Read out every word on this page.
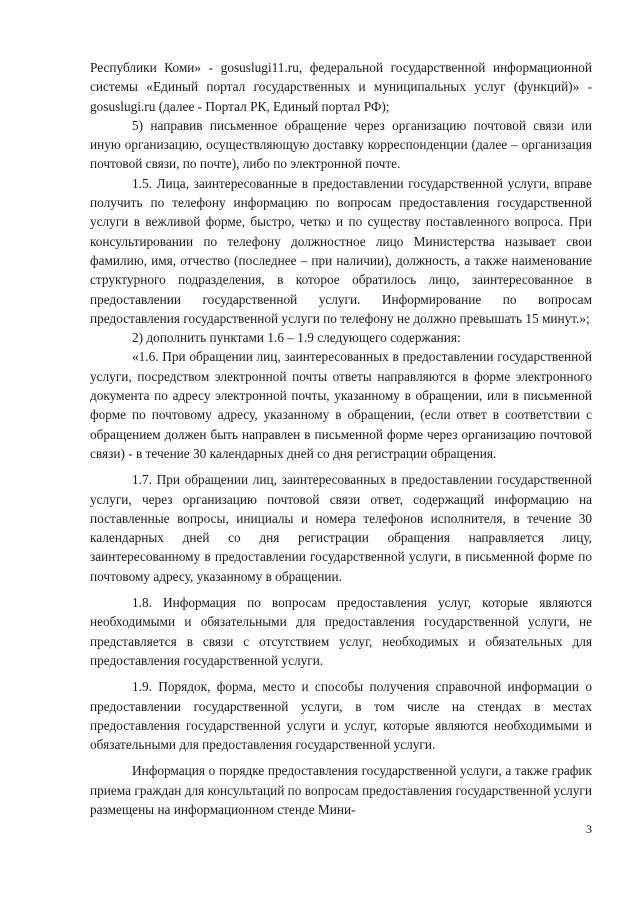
Республики Коми» - gosuslugi11.ru, федеральной государственной информационной системы «Единый портал государственных и муниципальных услуг (функций)» - gosuslugi.ru (далее - Портал РК, Единый портал РФ);

5) направив письменное обращение через организацию почтовой связи или иную организацию, осуществляющую доставку корреспонденции (далее – организация почтовой связи, по почте), либо по электронной почте.

1.5. Лица, заинтересованные в предоставлении государственной услуги, вправе получить по телефону информацию по вопросам предоставления государственной услуги в вежливой форме, быстро, четко и по существу поставленного вопроса. При консультировании по телефону должностное лицо Министерства называет свои фамилию, имя, отчество (последнее – при наличии), должность, а также наименование структурного подразделения, в которое обратилось лицо, заинтересованное в предоставлении государственной услуги. Информирование по вопросам предоставления государственной услуги по телефону не должно превышать 15 минут.»;

2) дополнить пунктами 1.6 – 1.9 следующего содержания:

«1.6. При обращении лиц, заинтересованных в предоставлении государственной услуги, посредством электронной почты ответы направляются в форме электронного документа по адресу электронной почты, указанному в обращении, или в письменной форме по почтовому адресу, указанному в обращении, (если ответ в соответствии с обращением должен быть направлен в письменной форме через организацию почтовой связи) - в течение 30 календарных дней со дня регистрации обращения.

1.7. При обращении лиц, заинтересованных в предоставлении государственной услуги, через организацию почтовой связи ответ, содержащий информацию на поставленные вопросы, инициалы и номера телефонов исполнителя, в течение 30 календарных дней со дня регистрации обращения направляется лицу, заинтересованному в предоставлении государственной услуги, в письменной форме по почтовому адресу, указанному в обращении.

1.8. Информация по вопросам предоставления услуг, которые являются необходимыми и обязательными для предоставления государственной услуги, не представляется в связи с отсутствием услуг, необходимых и обязательных для предоставления государственной услуги.

1.9. Порядок, форма, место и способы получения справочной информации о предоставлении государственной услуги, в том числе на стендах в местах предоставления государственной услуги и услуг, которые являются необходимыми и обязательными для предоставления государственной услуги.

Информация о порядке предоставления государственной услуги, а также график приема граждан для консультаций по вопросам предоставления государственной услуги размещены на информационном стенде Мини-

3
